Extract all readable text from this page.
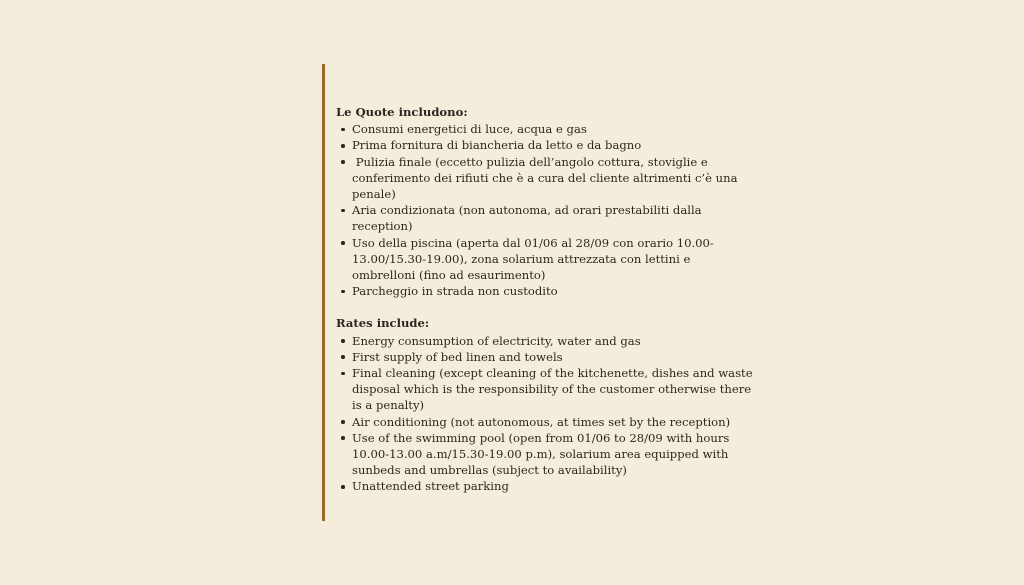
Le Quote includono:
Consumi energetici di luce, acqua e gas
Prima fornitura di biancheria da letto e da bagno
Pulizia finale (eccetto pulizia dell’angolo cottura, stoviglie e conferimento dei rifiuti che è a cura del cliente altrimenti c’è una penale)
Aria condizionata (non autonoma, ad orari prestabiliti dalla reception)
Uso della piscina (aperta dal 01/06 al 28/09 con orario 10.00-13.00/15.30-19.00), zona solarium attrezzata con lettini e ombrelloni (fino ad esaurimento)
Parcheggio in strada non custodito
Rates include:
Energy consumption of electricity, water and gas
First supply of bed linen and towels
Final cleaning (except cleaning of the kitchenette, dishes and waste disposal which is the responsibility of the customer otherwise there is a penalty)
Air conditioning (not autonomous, at times set by the reception)
Use of the swimming pool (open from 01/06 to 28/09 with hours 10.00-13.00 a.m/15.30-19.00 p.m), solarium area equipped with sunbeds and umbrellas (subject to availability)
Unattended street parking
